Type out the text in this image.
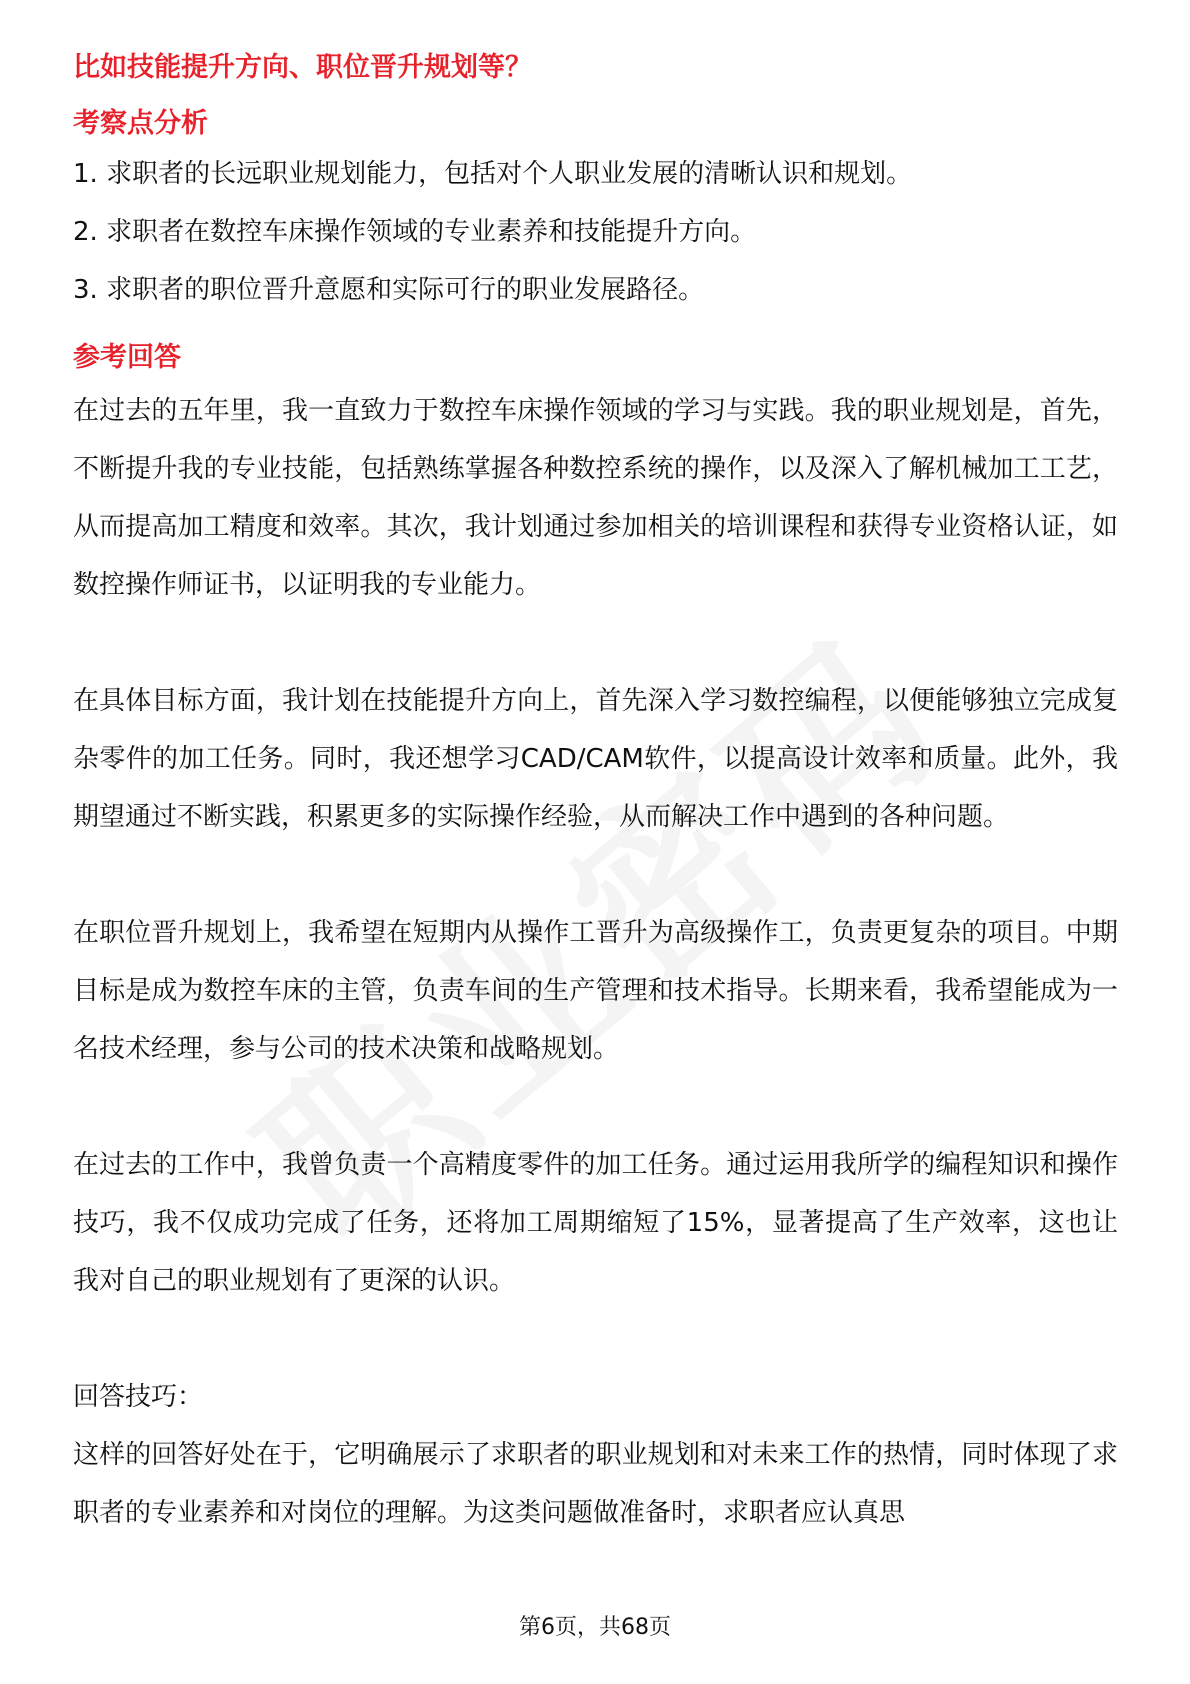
比如技能提升方向、职位晋升规划等？

考察点分析

1. 求职者的长远职业规划能力，包括对个人职业发展的清晰认识和规划。

2. 求职者在数控车床操作领域的专业素养和技能提升方向。

3. 求职者的职位晋升意愿和实际可行的职业发展路径。

参考回答

在过去的五年里，我一直致力于数控车床操作领域的学习与实践。我的职业规划是，首先，不断提升我的专业技能，包括熟练掌握各种数控系统的操作，以及深入了解机械加工工艺，从而提高加工精度和效率。其次，我计划通过参加相关的培训课程和获得专业资格认证，如数控操作师证书，以证明我的专业能力。

在具体目标方面，我计划在技能提升方向上，首先深入学习数控编程，以便能够独立完成复杂零件的加工任务。同时，我还想学习CAD/CAM软件，以提高设计效率和质量。此外，我期望通过不断实践，积累更多的实际操作经验，从而解决工作中遇到的各种问题。

在职位晋升规划上，我希望在短期内从操作工晋升为高级操作工，负责更复杂的项目。中期目标是成为数控车床的主管，负责车间的生产管理和技术指导。长期来看，我希望能成为一名技术经理，参与公司的技术决策和战略规划。

在过去的工作中，我曾负责一个高精度零件的加工任务。通过运用我所学的编程知识和操作技巧，我不仅成功完成了任务，还将加工周期缩短了15%，显著提高了生产效率，这也让我对自己的职业规划有了更深的认识。

回答技巧：

这样的回答好处在于，它明确展示了求职者的职业规划和对未来工作的热情，同时体现了求职者的专业素养和对岗位的理解。为这类问题做准备时，求职者应认真思

第6页，共68页
